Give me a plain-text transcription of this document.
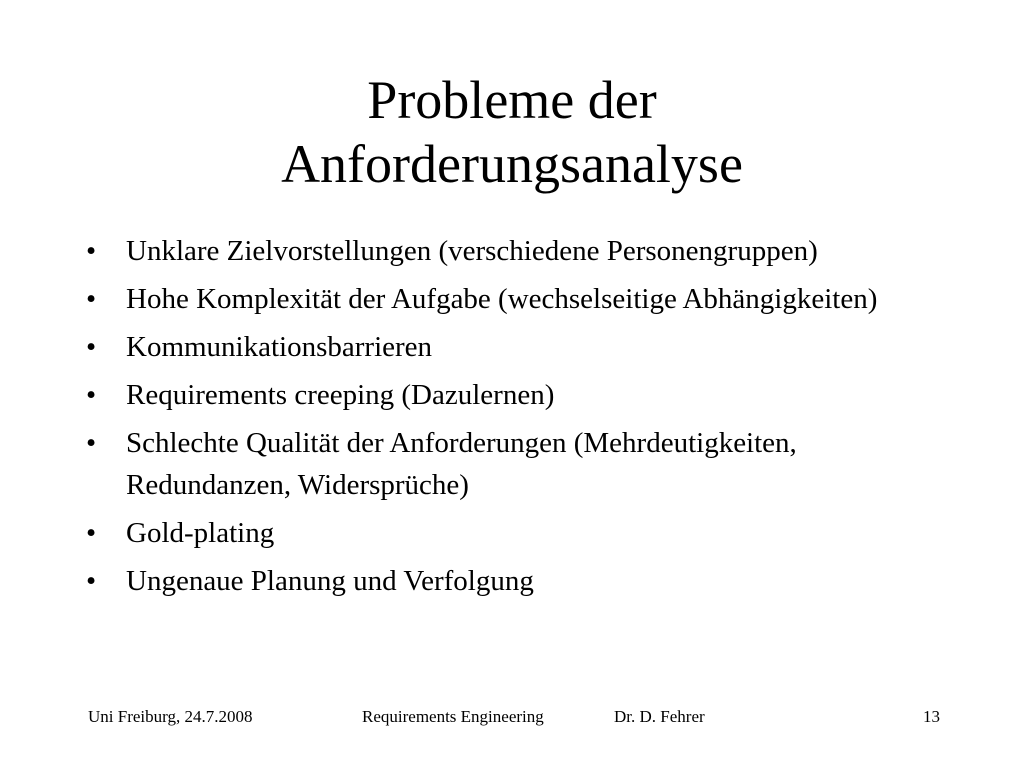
Probleme der
Anforderungsanalyse
•	Unklare Zielvorstellungen (verschiedene Personengruppen)
•	Hohe Komplexität der Aufgabe (wechselseitige Abhängigkeiten)
•	Kommunikationsbarrieren
•	Requirements creeping (Dazulernen)
•	Schlechte Qualität der Anforderungen (Mehrdeutigkeiten, Redundanzen, Widersprüche)
•	Gold-plating
•	Ungenaue Planung und Verfolgung
Uni Freiburg, 24.7.2008	Requirements Engineering	Dr. D. Fehrer	13
